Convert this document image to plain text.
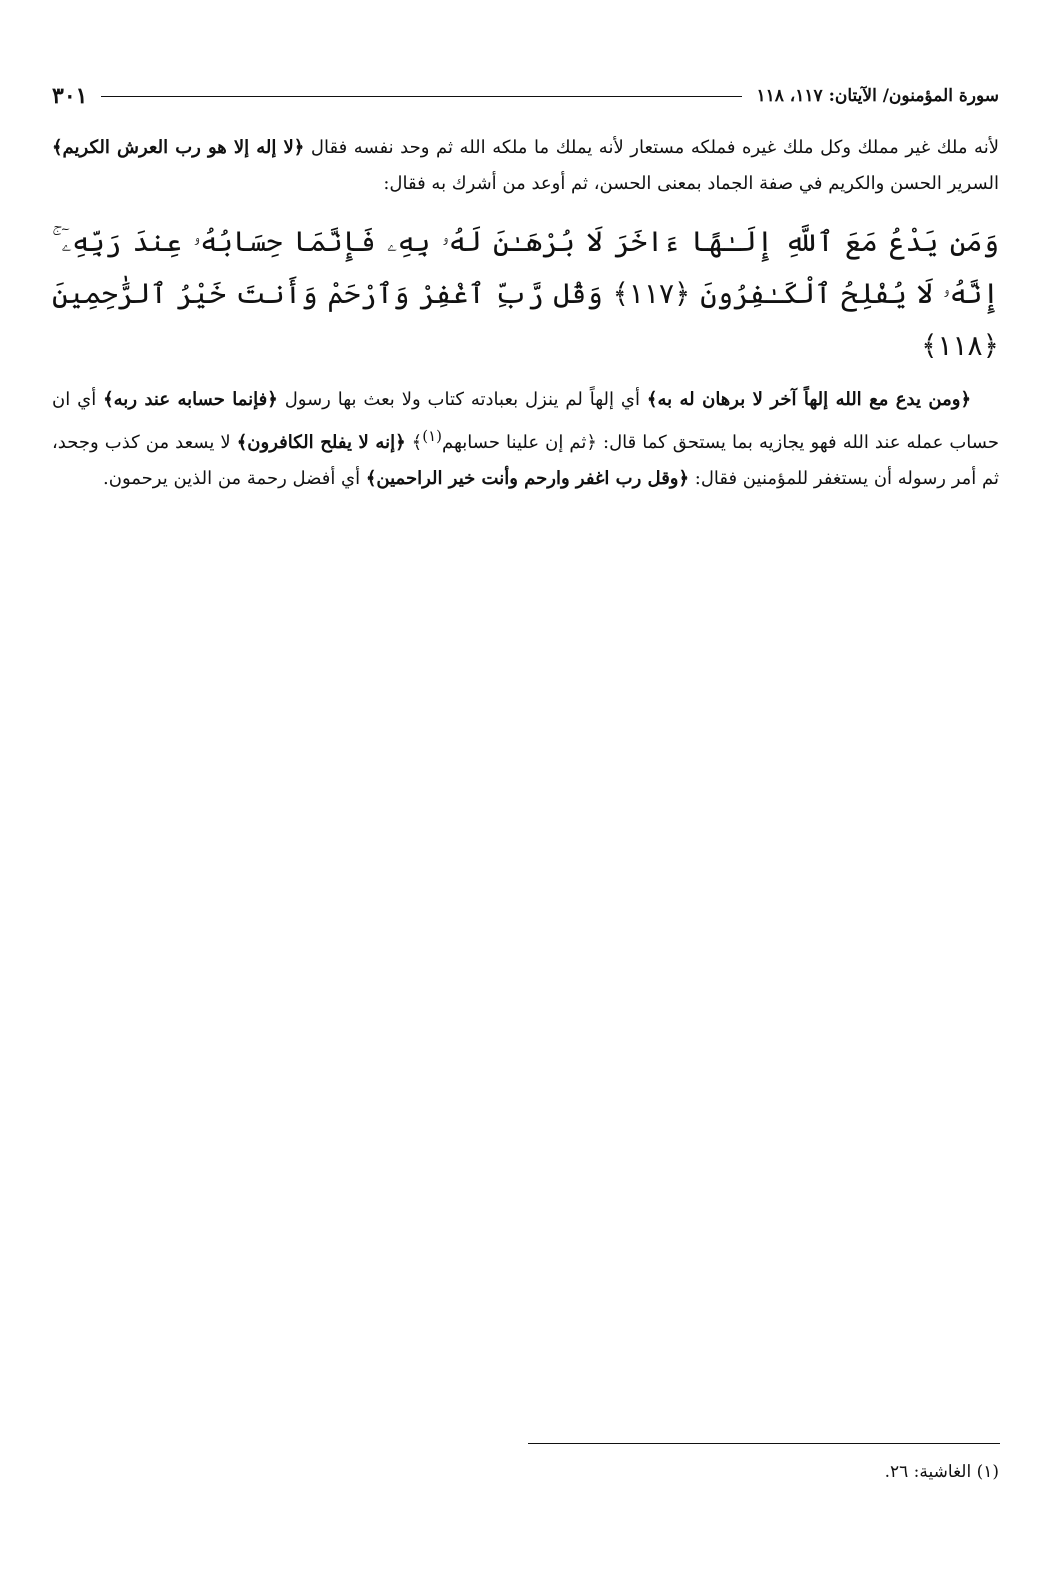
سورة المؤمنون/ الآيتان: ١١٧، ١١٨
٣٠١

لأنه ملك غير مملك وكل ملك غيره فملكه مستعار لأنه يملك ما ملكه الله ثم وحد نفسه فقال ﴿لا إله إلا هو رب العرش الكريم﴾ السرير الحسن والكريم في صفة الجماد بمعنى الحسن، ثم أوعد من أشرك به فقال:

وَمَن يَدْعُ مَعَ ٱللَّهِ إِلَـٰهًا ءَاخَرَ لَا بُرْهَـٰنَ لَهُۥ بِهِۦ فَإِنَّمَا حِسَابُهُۥ عِندَ رَبِّهِۦٓ ۚ إِنَّهُۥ لَا يُفْلِحُ ٱلْكَـٰفِرُونَ ﴿١١٧﴾ وَقُل رَّبِّ ٱغْفِرْ وَٱرْحَمْ وَأَنتَ خَيْرُ ٱلرَّٰحِمِينَ ﴿١١٨﴾

﴿ومن يدع مع الله إلهاً آخر لا برهان له به﴾ أي إلهاً لم ينزل بعبادته كتاب ولا بعث بها رسول ﴿فإنما حسابه عند ربه﴾ أي ان حساب عمله عند الله فهو يجازيه بما يستحق كما قال: ﴿ثم إن علينا حسابهم$^{(١)}$﴾ ﴿إنه لا يفلح الكافرون﴾ لا يسعد من كذب وجحد، ثم أمر رسوله أن يستغفر للمؤمنين فقال: ﴿وقل رب اغفر وارحم وأنت خير الراحمين﴾ أي أفضل رحمة من الذين يرحمون.

(١) الغاشية: ٢٦.
